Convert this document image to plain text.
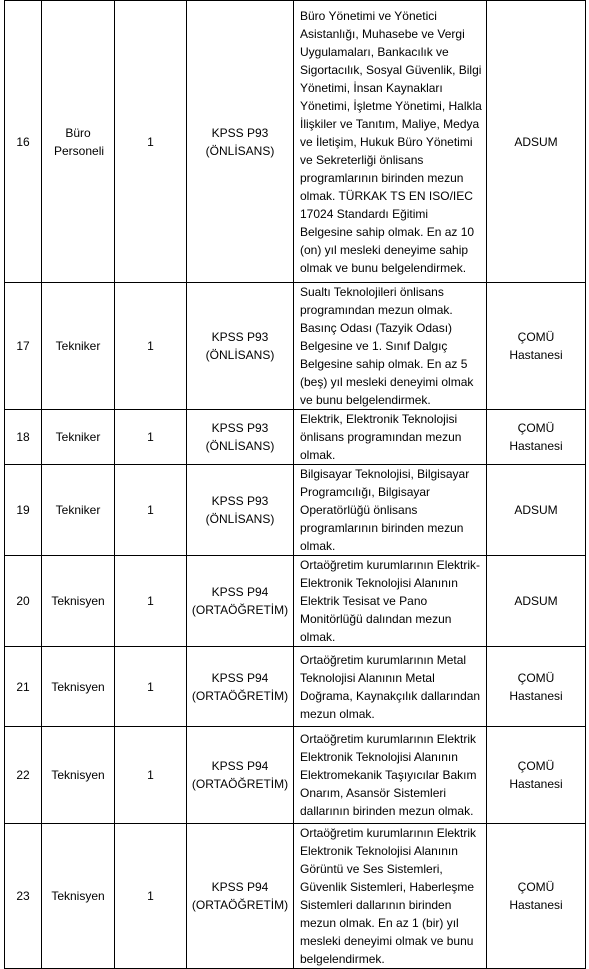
16	Büro Personeli	1	KPSS P93 (ÖNLİSANS)	Büro Yönetimi ve Yönetici Asistanlığı, Muhasebe ve Vergi Uygulamaları, Bankacılık ve Sigortacılık, Sosyal Güvenlik, Bilgi Yönetimi, İnsan Kaynakları Yönetimi, İşletme Yönetimi, Halkla İlişkiler ve Tanıtım, Maliye, Medya ve İletişim, Hukuk Büro Yönetimi ve Sekreterliği önlisans programlarının birinden mezun olmak. TÜRKAK TS EN ISO/IEC 17024 Standardı Eğitimi Belgesine sahip olmak. En az 10 (on) yıl mesleki deneyime sahip olmak ve bunu belgelendirmek.	ADSUM
17	Tekniker	1	KPSS P93 (ÖNLİSANS)	Sualtı Teknolojileri önlisans programından mezun olmak. Basınç Odası (Tazyik Odası) Belgesine ve 1. Sınıf Dalgıç Belgesine sahip olmak. En az 5 (beş) yıl mesleki deneyimi olmak ve bunu belgelendirmek.	ÇOMÜ Hastanesi
18	Tekniker	1	KPSS P93 (ÖNLİSANS)	Elektrik, Elektronik Teknolojisi önlisans programından mezun olmak.	ÇOMÜ Hastanesi
19	Tekniker	1	KPSS P93 (ÖNLİSANS)	Bilgisayar Teknolojisi, Bilgisayar Programcılığı, Bilgisayar Operatörlüğü önlisans programlarının birinden mezun olmak.	ADSUM
20	Teknisyen	1	KPSS P94 (ORTAÖĞRETİM)	Ortaöğretim kurumlarının Elektrik-Elektronik Teknolojisi Alanının Elektrik Tesisat ve Pano Monitörlüğü dalından mezun olmak.	ADSUM
21	Teknisyen	1	KPSS P94 (ORTAÖĞRETİM)	Ortaöğretim kurumlarının Metal Teknolojisi Alanının Metal Doğrama, Kaynakçılık dallarından mezun olmak.	ÇOMÜ Hastanesi
22	Teknisyen	1	KPSS P94 (ORTAÖĞRETİM)	Ortaöğretim kurumlarının Elektrik Elektronik Teknolojisi Alanının Elektromekanik Taşıyıcılar Bakım Onarım, Asansör Sistemleri dallarının birinden mezun olmak.	ÇOMÜ Hastanesi
23	Teknisyen	1	KPSS P94 (ORTAÖĞRETİM)	Ortaöğretim kurumlarının Elektrik Elektronik Teknolojisi Alanının Görüntü ve Ses Sistemleri, Güvenlik Sistemleri, Haberleşme Sistemleri dallarının birinden mezun olmak. En az 1 (bir) yıl mesleki deneyimi olmak ve bunu belgelendirmek.	ÇOMÜ Hastanesi
